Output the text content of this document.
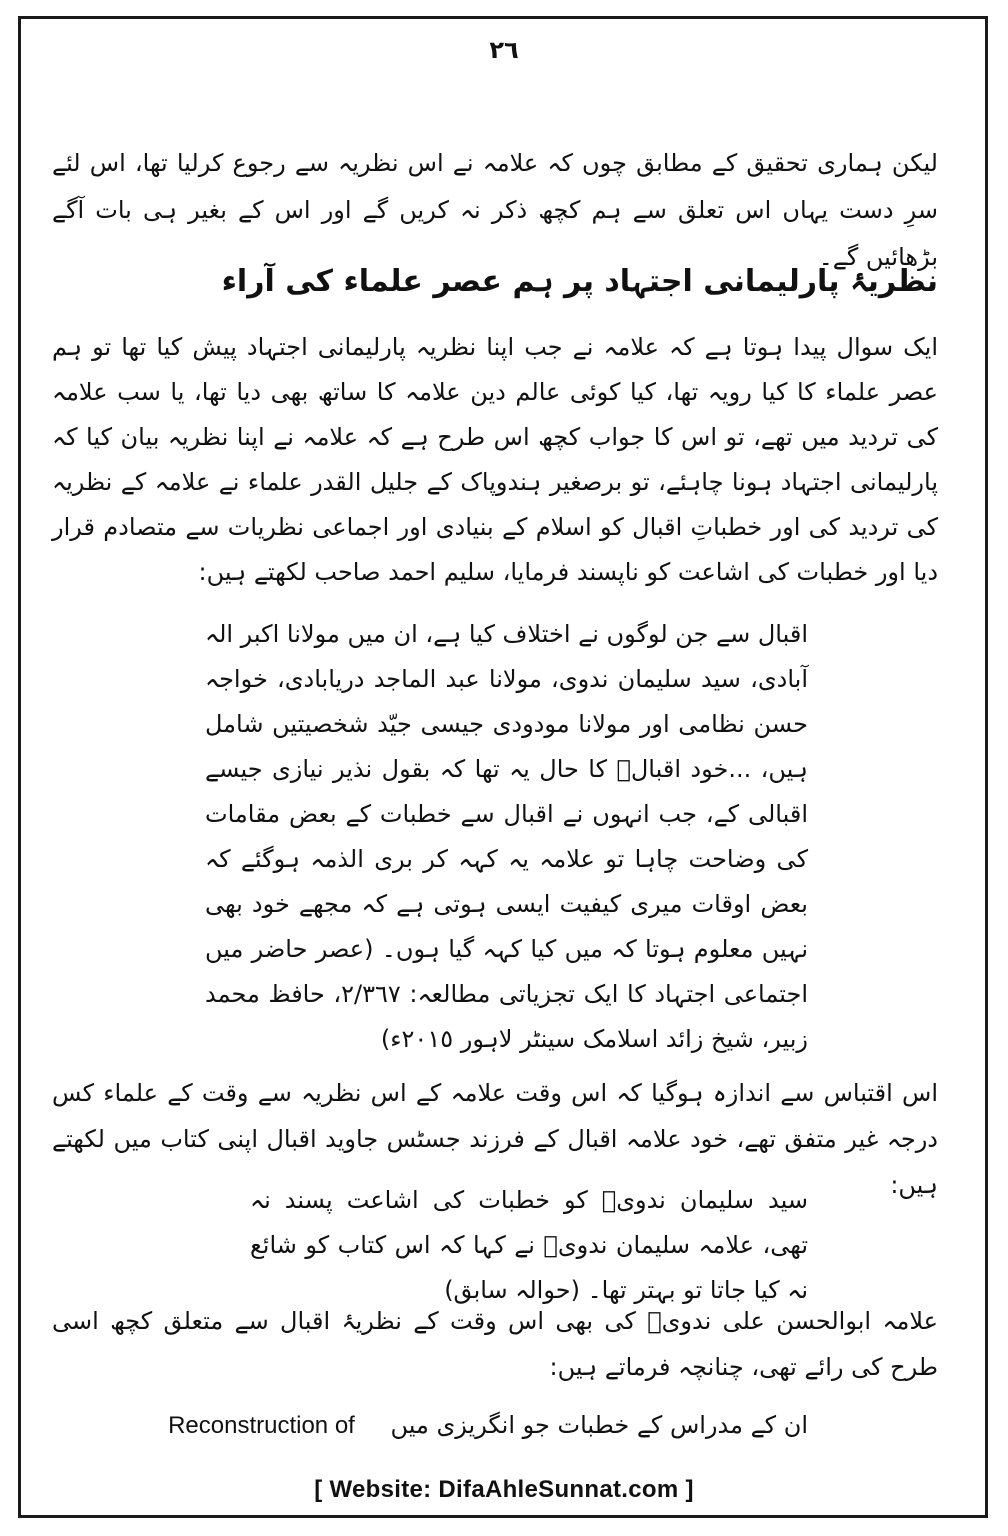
٢٦
لیکن ہماری تحقیق کے مطابق چوں کہ علامہ نے اس نظریہ سے رجوع کرلیا تھا، اس لئے سرِ دست یہاں اس تعلق سے ہم کچھ ذکر نہ کریں گے اور اس کے بغیر ہی بات آگے بڑھائیں گے۔
نظریۂ پارلیمانی اجتہاد پر ہم عصر علماء کی آراء
ایک سوال پیدا ہوتا ہے کہ علامہ نے جب اپنا نظریہ پارلیمانی اجتہاد پیش کیا تھا تو ہم عصر علماء کا کیا رویہ تھا، کیا کوئی عالم دین علامہ کا ساتھ بھی دیا تھا، یا سب علامہ کی تردید میں تھے، تو اس کا جواب کچھ اس طرح ہے کہ علامہ نے اپنا نظریہ بیان کیا کہ پارلیمانی اجتہاد ہونا چاہئے، تو برصغیر ہندوپاک کے جلیل القدر علماء نے علامہ کے نظریہ کی تردید کی اور خطباتِ اقبال کو اسلام کے بنیادی اور اجماعی نظریات سے متصادم قرار دیا اور خطبات کی اشاعت کو ناپسند فرمایا، سلیم احمد صاحب لکھتے ہیں:
اقبال سے جن لوگوں نے اختلاف کیا ہے، ان میں مولانا اکبر الہ آبادی، سید سلیمان ندوی، مولانا عبد الماجد دریابادی، خواجہ حسن نظامی اور مولانا مودودی جیسی جیّد شخصیتیں شامل ہیں، ...خود اقبالؒ کا حال یہ تھا کہ بقول نذیر نیازی جیسے اقبالی کے، جب انہوں نے اقبال سے خطبات کے بعض مقامات کی وضاحت چاہا تو علامہ یہ کہہ کر بری الذمہ ہوگئے کہ بعض اوقات میری کیفیت ایسی ہوتی ہے کہ مجھے خود بھی نہیں معلوم ہوتا کہ میں کیا کہہ گیا ہوں۔ (عصر حاضر میں اجتماعی اجتہاد کا ایک تجزیاتی مطالعہ: ٢/٣٦٧، حافظ محمد زبیر، شیخ زائد اسلامک سینٹر لاہور ٢٠١٥ء)
اس اقتباس سے اندازہ ہوگیا کہ اس وقت علامہ کے اس نظریہ سے وقت کے علماء کس درجہ غیر متفق تھے، خود علامہ اقبال کے فرزند جسٹس جاوید اقبال اپنی کتاب میں لکھتے ہیں:
سید سلیمان ندویؒ کو خطبات کی اشاعت پسند نہ تھی، علامہ سلیمان ندویؒ نے کہا کہ اس کتاب کو شائع نہ کیا جاتا تو بہتر تھا۔ (حوالہ سابق)
علامہ ابوالحسن علی ندویؒ کی بھی اس وقت کے نظریۂ اقبال سے متعلق کچھ اسی طرح کی رائے تھی، چنانچہ فرماتے ہیں:
ان کے مدراس کے خطبات جو انگریزی میں Reconstruction of
[ Website: DifaAhleSunnat.com ]
